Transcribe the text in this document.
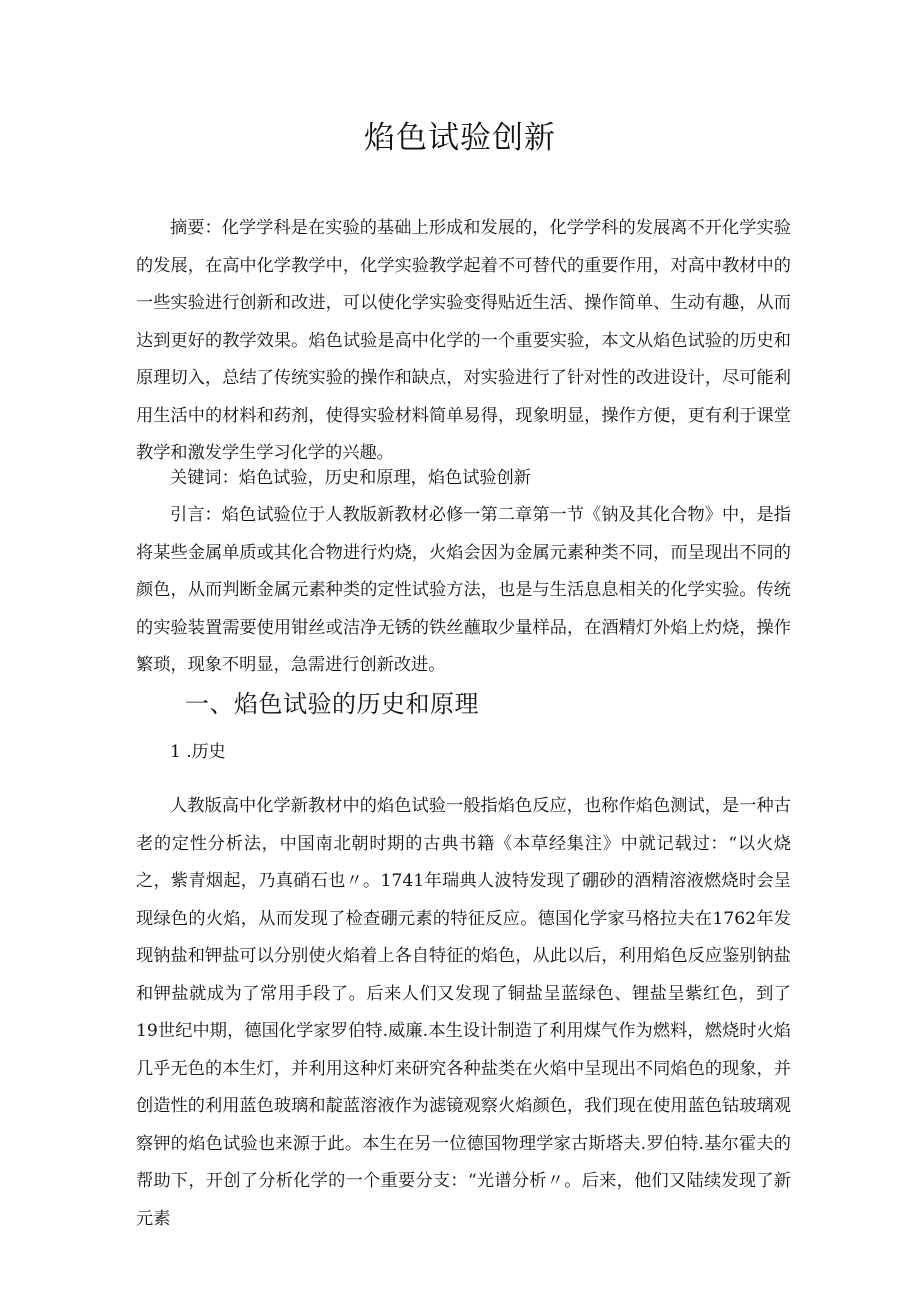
焰色试验创新

摘要：化学学科是在实验的基础上形成和发展的，化学学科的发展离不开化学实验的发展，在高中化学教学中，化学实验教学起着不可替代的重要作用，对高中教材中的一些实验进行创新和改进，可以使化学实验变得贴近生活、操作简单、生动有趣，从而达到更好的教学效果。焰色试验是高中化学的一个重要实验，本文从焰色试验的历史和原理切入，总结了传统实验的操作和缺点，对实验进行了针对性的改进设计，尽可能利用生活中的材料和药剂，使得实验材料简单易得，现象明显，操作方便，更有利于课堂教学和激发学生学习化学的兴趣。

关键词：焰色试验，历史和原理，焰色试验创新

引言：焰色试验位于人教版新教材必修一第二章第一节《钠及其化合物》中，是指将某些金属单质或其化合物进行灼烧，火焰会因为金属元素种类不同，而呈现出不同的颜色，从而判断金属元素种类的定性试验方法，也是与生活息息相关的化学实验。传统的实验装置需要使用钳丝或洁净无锈的铁丝蘸取少量样品，在酒精灯外焰上灼烧，操作繁琐，现象不明显，急需进行创新改进。

一、焰色试验的历史和原理
1 .历史

人教版高中化学新教材中的焰色试验一般指焰色反应，也称作焰色测试，是一种古老的定性分析法，中国南北朝时期的古典书籍《本草经集注》中就记载过：“以火烧之，紫青烟起，乃真硝石也〃。1741年瑞典人波特发现了硼砂的酒精溶液燃烧时会呈现绿色的火焰，从而发现了检查硼元素的特征反应。德国化学家马格拉夫在1762年发现钠盐和钾盐可以分别使火焰着上各自特征的焰色，从此以后，利用焰色反应鉴别钠盐和钾盐就成为了常用手段了。后来人们又发现了铜盐呈蓝绿色、锂盐呈紫红色，到了19世纪中期，德国化学家罗伯特.威廉.本生设计制造了利用煤气作为燃料，燃烧时火焰几乎无色的本生灯，并利用这种灯来研究各种盐类在火焰中呈现出不同焰色的现象，并创造性的利用蓝色玻璃和靛蓝溶液作为滤镜观察火焰颜色，我们现在使用蓝色钴玻璃观察钾的焰色试验也来源于此。本生在另一位德国物理学家古斯塔夫.罗伯特.基尔霍夫的帮助下，开创了分析化学的一个重要分支：“光谱分析〃。后来，他们又陆续发现了新元素
